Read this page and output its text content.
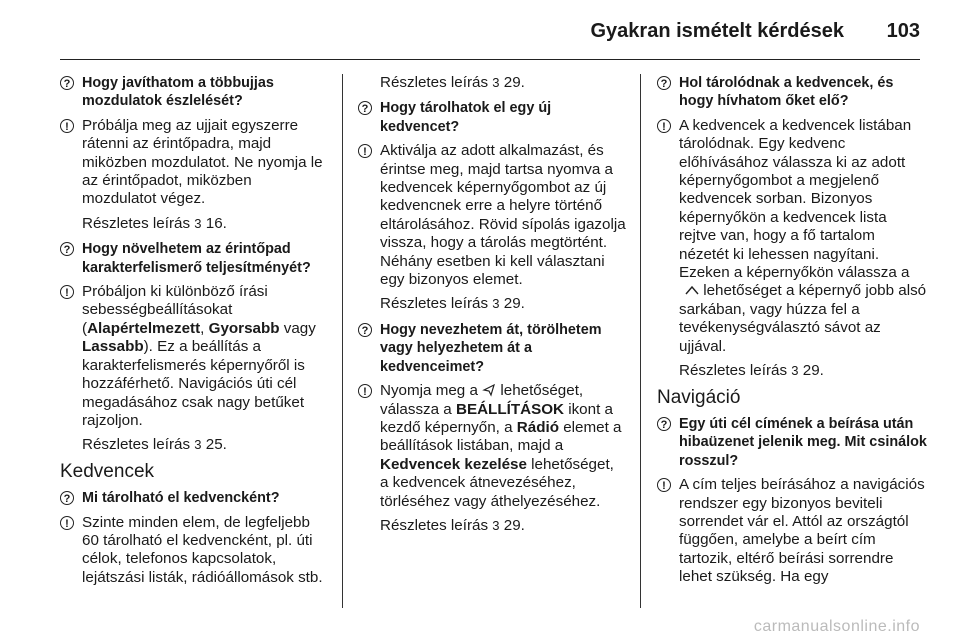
Gyakran ismételt kérdések 103
? Hogy javíthatom a többujjas mozdulatok észlelését?
! Próbálja meg az ujjait egyszerre rátenni az érintőpadra, majd miközben mozdulatot. Ne nyomja le az érintőpadot, miközben mozdulatot végez.
Részletes leírás 3 16.
? Hogy növelhetem az érintőpad karakterfelismerő teljesítményét?
! Próbáljon ki különböző írási sebességbeállításokat (Alapértelmezett, Gyorsabb vagy Lassabb). Ez a beállítás a karakterfelismerés képernyőről is hozzáférhető. Navigációs úti cél megadásához csak nagy betűket rajzoljon.
Részletes leírás 3 25.
Kedvencek
? Mi tárolható el kedvencként?
! Szinte minden elem, de legfeljebb 60 tárolható el kedvencként, pl. úti célok, telefonos kapcsolatok, lejátszási listák, rádióállomások stb.
Részletes leírás 3 29.
? Hogy tárolhatok el egy új kedvencet?
! Aktiválja az adott alkalmazást, és érintse meg, majd tartsa nyomva a kedvencek képernyőgombot az új kedvencnek erre a helyre történő eltárolásához. Rövid sípolás igazolja vissza, hogy a tárolás megtörtént. Néhány esetben ki kell választani egy bizonyos elemet.
Részletes leírás 3 29.
? Hogy nevezhetem át, törölhetem vagy helyezhetem át a kedvenceimet?
! Nyomja meg a  lehetőséget, válassza a BEÁLLÍTÁSOK ikont a kezdő képernyőn, a Rádió elemet a beállítások listában, majd a Kedvencek kezelése lehetőséget, a kedvencek átnevezéséhez, törléséhez vagy áthelyezéséhez.
Részletes leírás 3 29.
? Hol tárolódnak a kedvencek, és hogy hívhatom őket elő?
! A kedvencek a kedvencek listában tárolódnak. Egy kedvenc előhívásához válassza ki az adott képernyőgombot a megjelenő kedvencek sorban. Bizonyos képernyőkön a kedvencek lista rejtve van, hogy a fő tartalom nézetét ki lehessen nagyítani. Ezeken a képernyőkön válassza a
lehetőséget a képernyő jobb alsó sarkában, vagy húzza fel a tevékenységválasztó sávot az ujjával.
Részletes leírás 3 29.
Navigáció
? Egy úti cél címének a beírása után hibaüzenet jelenik meg. Mit csinálok rosszul?
! A cím teljes beírásához a navigációs rendszer egy bizonyos beviteli sorrendet vár el. Attól az országtól függően, amelybe a beírt cím tartozik, eltérő beírási sorrendre lehet szükség. Ha egy
carmanualsonline.info
